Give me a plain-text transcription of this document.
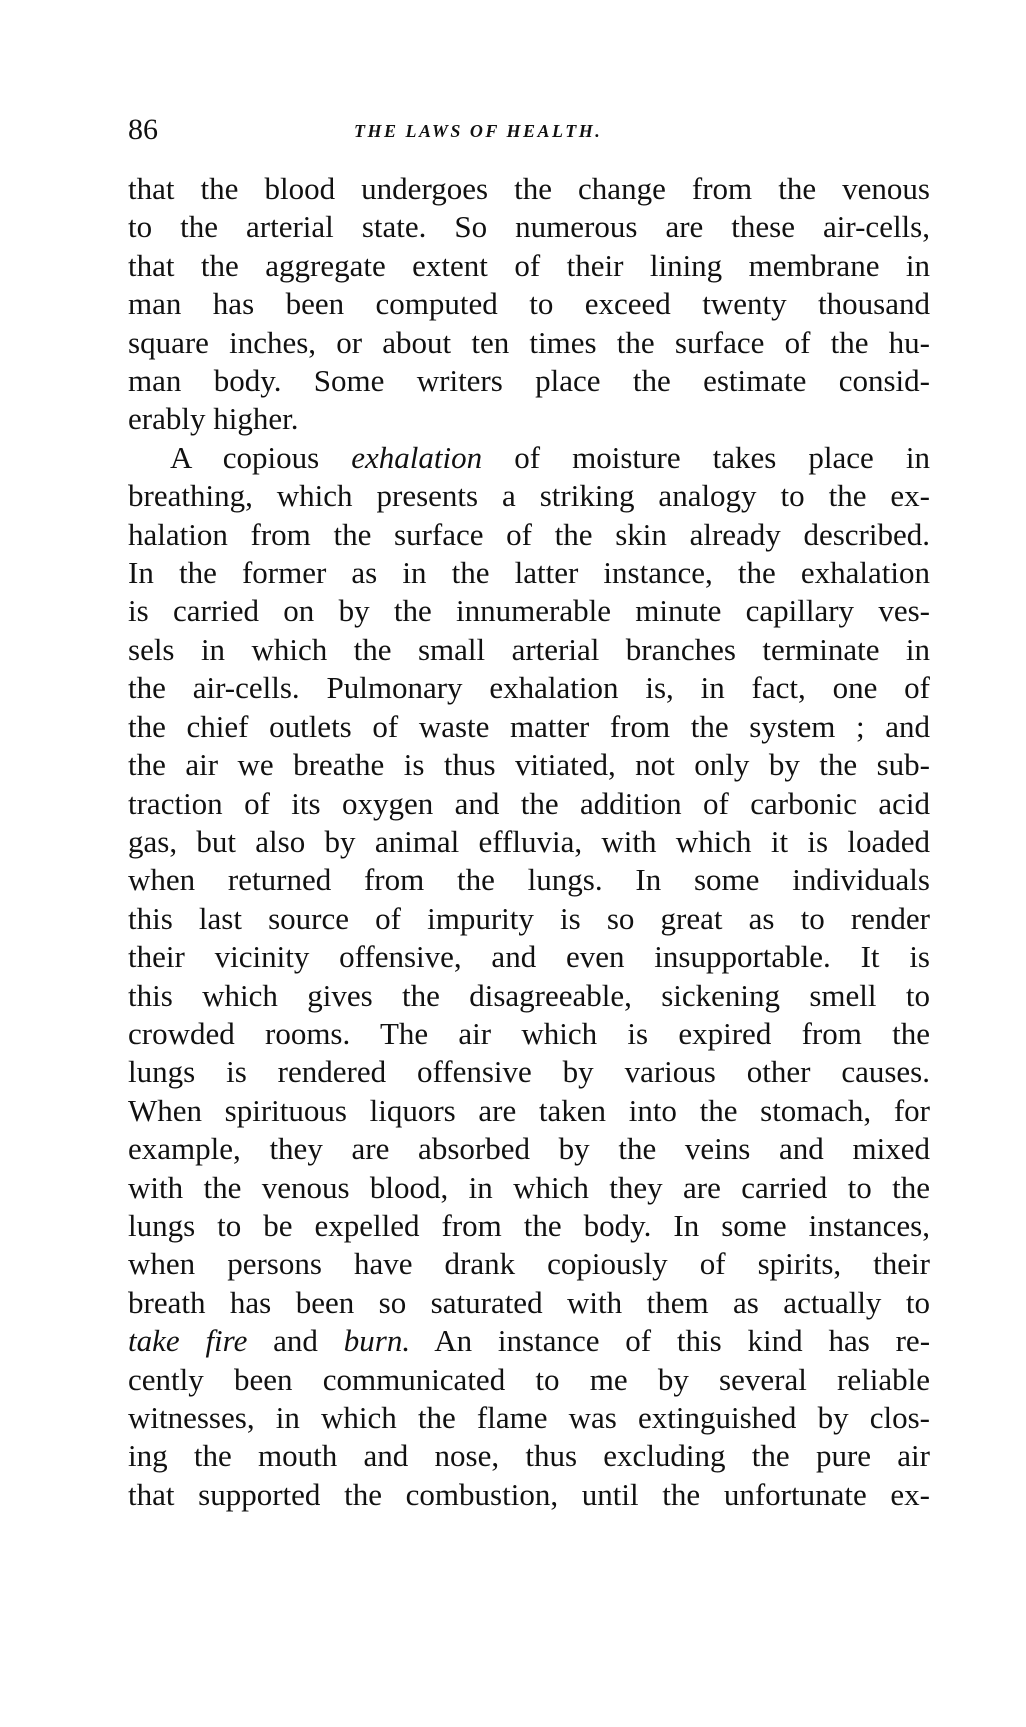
86	THE LAWS OF HEALTH.
that the blood undergoes the change from the venous
to the arterial state. So numerous are these air-cells,
that the aggregate extent of their lining membrane in
man has been computed to exceed twenty thousand
square inches, or about ten times the surface of the hu-
man body. Some writers place the estimate consid-
erably higher.
A copious exhalation of moisture takes place in
breathing, which presents a striking analogy to the ex-
halation from the surface of the skin already described.
In the former as in the latter instance, the exhalation
is carried on by the innumerable minute capillary ves-
sels in which the small arterial branches terminate in
the air-cells. Pulmonary exhalation is, in fact, one of
the chief outlets of waste matter from the system ; and
the air we breathe is thus vitiated, not only by the sub-
traction of its oxygen and the addition of carbonic acid
gas, but also by animal effluvia, with which it is loaded
when returned from the lungs. In some individuals
this last source of impurity is so great as to render
their vicinity offensive, and even insupportable. It is
this which gives the disagreeable, sickening smell to
crowded rooms. The air which is expired from the
lungs is rendered offensive by various other causes.
When spirituous liquors are taken into the stomach, for
example, they are absorbed by the veins and mixed
with the venous blood, in which they are carried to the
lungs to be expelled from the body. In some instances,
when persons have drank copiously of spirits, their
breath has been so saturated with them as actually to
take fire and burn. An instance of this kind has re-
cently been communicated to me by several reliable
witnesses, in which the flame was extinguished by clos-
ing the mouth and nose, thus excluding the pure air
that supported the combustion, until the unfortunate ex-
